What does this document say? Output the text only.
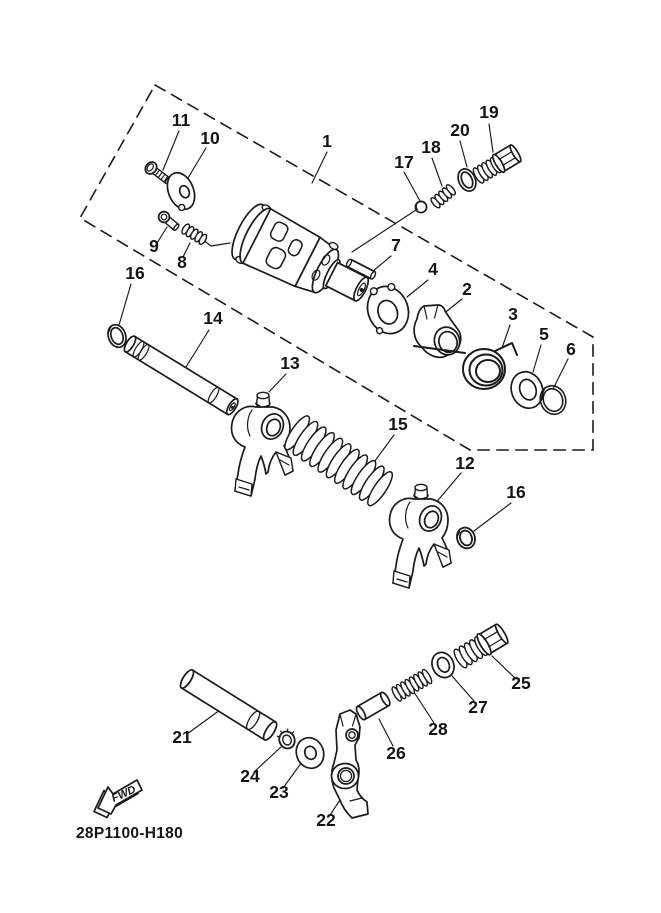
FWD
28P1100-H180
1
2
3
4
5
6
7
8
9
10
11
12
13
14
15
16
16
17
18
19
20
21
22
23
24
25
26
27
28
